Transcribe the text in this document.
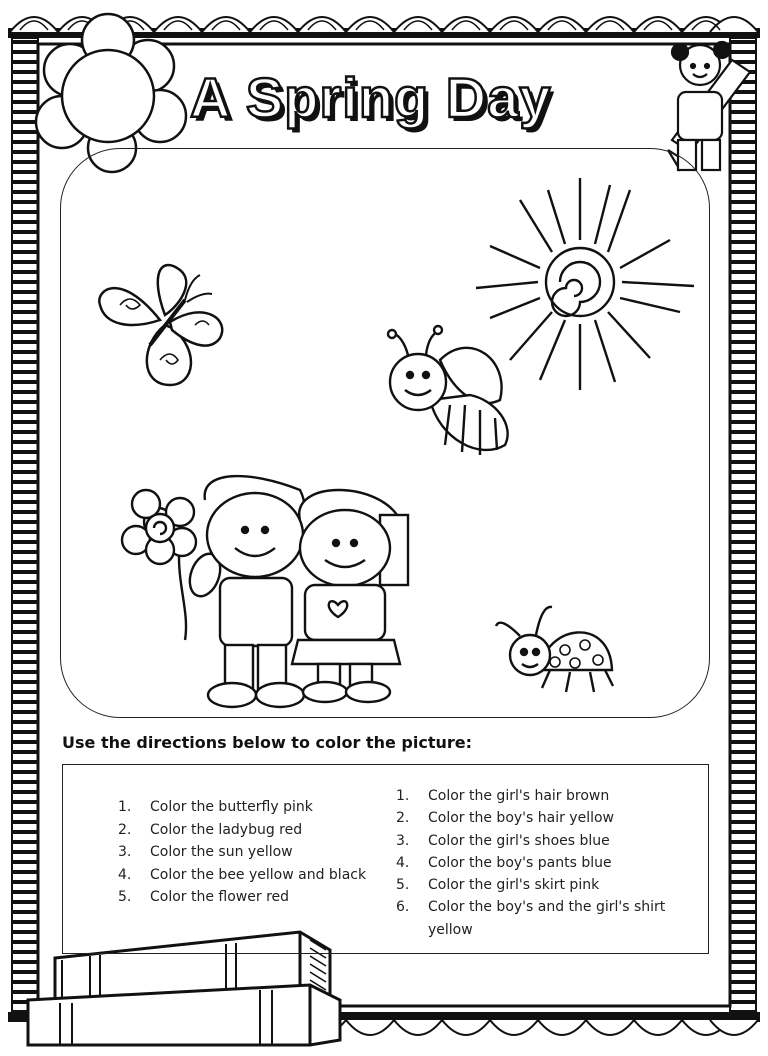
A Spring Day
Use the directions below to color the picture:
1. Color the butterfly pink
2. Color the ladybug red
3. Color the sun yellow
4. Color the bee yellow and black
5. Color the flower red
1. Color the girl's hair brown
2. Color the boy's hair yellow
3. Color the girl's shoes blue
4. Color the boy's pants blue
5. Color the girl's skirt pink
6. Color the boy's and the girl's shirt yellow
